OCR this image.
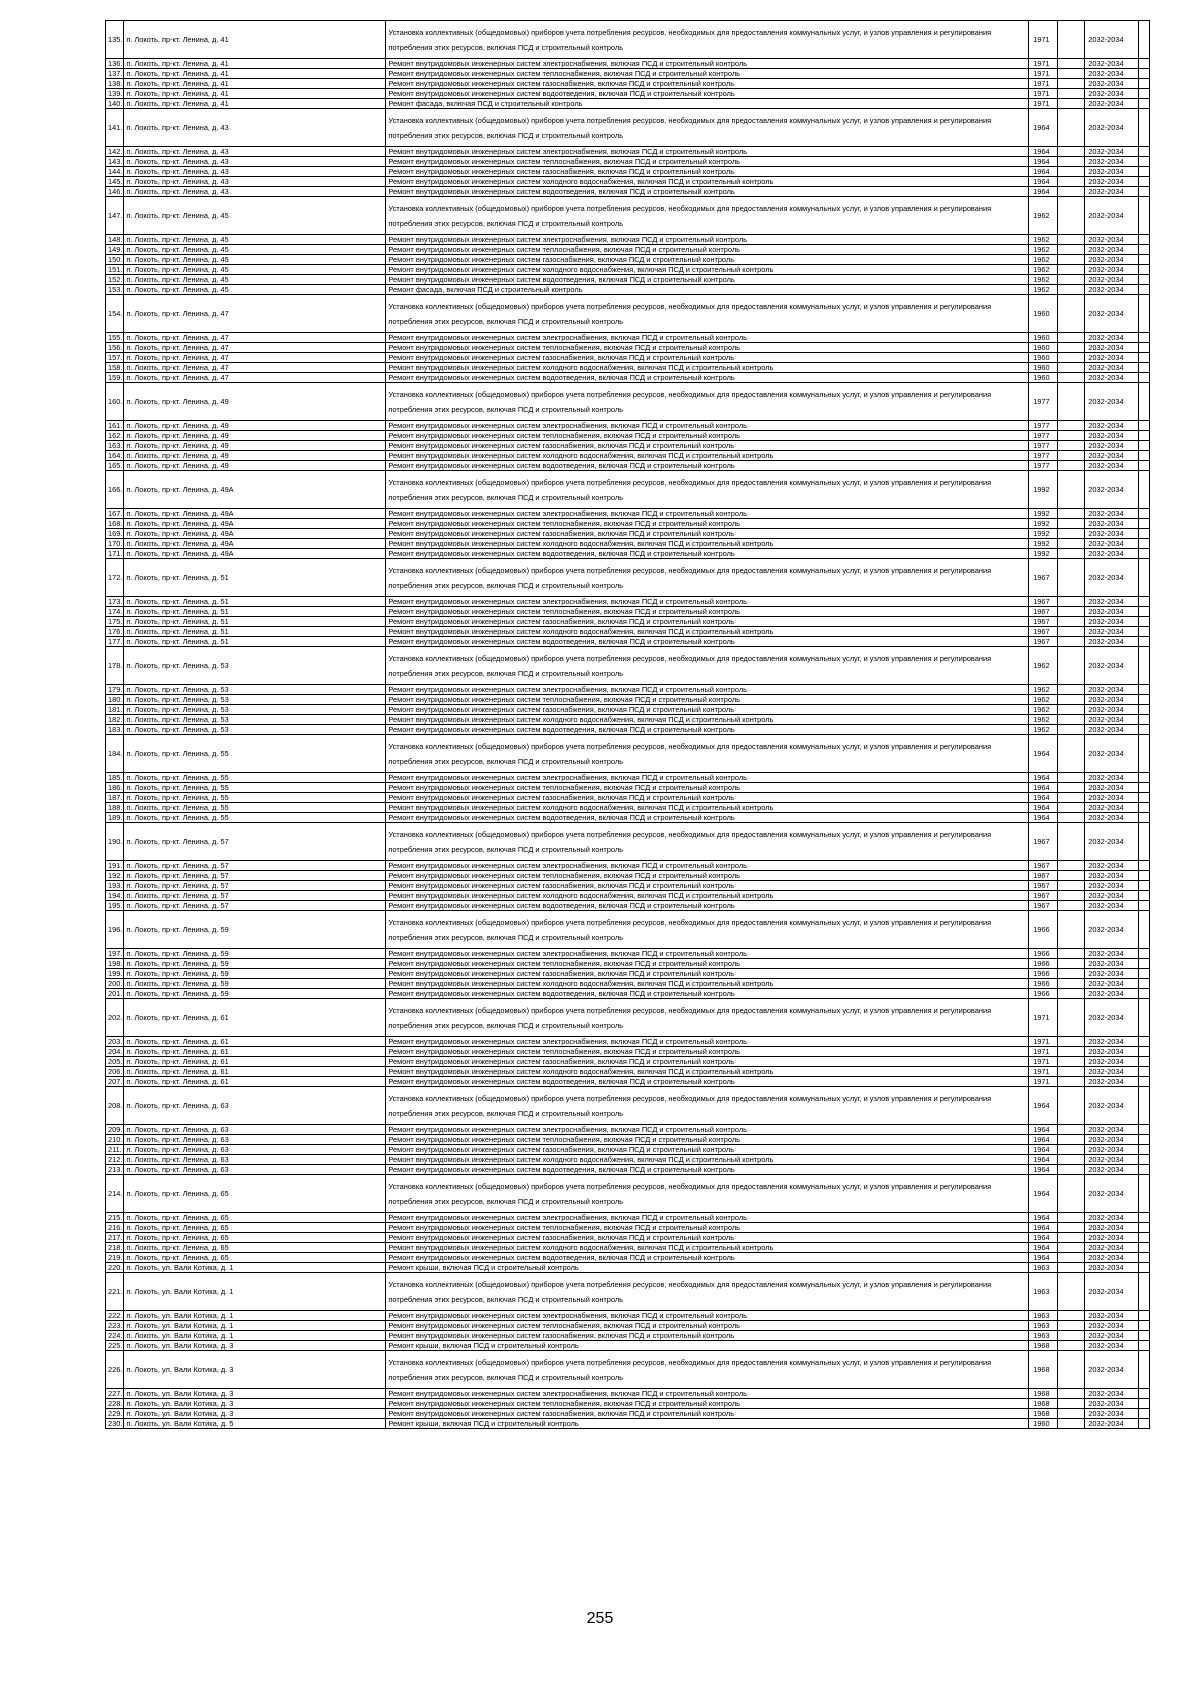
135.	п. Локоть, пр-кт. Ленина, д. 41	Установка коллективных (общедомовых) приборов учета потребления ресурсов, необходимых для предоставления коммунальных услуг, и узлов управления и регулирования потребления этих ресурсов, включая ПСД и строительный контроль	1971		2032-2034	
136.	п. Локоть, пр-кт. Ленина, д. 41	Ремонт внутридомовых инженерных систем электроснабжения, включая ПСД и строительный контроль	1971		2032-2034	
137.	п. Локоть, пр-кт. Ленина, д. 41	Ремонт внутридомовых инженерных систем теплоснабжения, включая ПСД и строительный контроль	1971		2032-2034	
138.	п. Локоть, пр-кт. Ленина, д. 41	Ремонт внутридомовых инженерных систем газоснабжения, включая ПСД и строительный контроль	1971		2032-2034	
139.	п. Локоть, пр-кт. Ленина, д. 41	Ремонт внутридомовых инженерных систем водоотведения, включая ПСД и строительный контроль	1971		2032-2034	
140.	п. Локоть, пр-кт. Ленина, д. 41	Ремонт фасада, включая ПСД и строительный контроль	1971		2032-2034	
141.	п. Локоть, пр-кт. Ленина, д. 43	Установка коллективных (общедомовых) приборов учета потребления ресурсов, необходимых для предоставления коммунальных услуг, и узлов управления и регулирования потребления этих ресурсов, включая ПСД и строительный контроль	1964		2032-2034	
142.	п. Локоть, пр-кт. Ленина, д. 43	Ремонт внутридомовых инженерных систем электроснабжения, включая ПСД и строительный контроль	1964		2032-2034	
143.	п. Локоть, пр-кт. Ленина, д. 43	Ремонт внутридомовых инженерных систем теплоснабжения, включая ПСД и строительный контроль	1964		2032-2034	
144.	п. Локоть, пр-кт. Ленина, д. 43	Ремонт внутридомовых инженерных систем газоснабжения, включая ПСД и строительный контроль	1964		2032-2034	
145.	п. Локоть, пр-кт. Ленина, д. 43	Ремонт внутридомовых инженерных систем холодного водоснабжения, включая ПСД и строительный контроль	1964		2032-2034	
146.	п. Локоть, пр-кт. Ленина, д. 43	Ремонт внутридомовых инженерных систем водоотведения, включая ПСД и строительный контроль	1964		2032-2034	
147.	п. Локоть, пр-кт. Ленина, д. 45	Установка коллективных (общедомовых) приборов учета потребления ресурсов, необходимых для предоставления коммунальных услуг, и узлов управления и регулирования потребления этих ресурсов, включая ПСД и строительный контроль	1962		2032-2034	
148.	п. Локоть, пр-кт. Ленина, д. 45	Ремонт внутридомовых инженерных систем электроснабжения, включая ПСД и строительный контроль	1962		2032-2034	
149.	п. Локоть, пр-кт. Ленина, д. 45	Ремонт внутридомовых инженерных систем теплоснабжения, включая ПСД и строительный контроль	1962		2032-2034	
150.	п. Локоть, пр-кт. Ленина, д. 45	Ремонт внутридомовых инженерных систем газоснабжения, включая ПСД и строительный контроль	1962		2032-2034	
151.	п. Локоть, пр-кт. Ленина, д. 45	Ремонт внутридомовых инженерных систем холодного водоснабжения, включая ПСД и строительный контроль	1962		2032-2034	
152.	п. Локоть, пр-кт. Ленина, д. 45	Ремонт внутридомовых инженерных систем водоотведения, включая ПСД и строительный контроль	1962		2032-2034	
153.	п. Локоть, пр-кт. Ленина, д. 45	Ремонт фасада, включая ПСД и строительный контроль	1962		2032-2034	
154.	п. Локоть, пр-кт. Ленина, д. 47	Установка коллективных (общедомовых) приборов учета потребления ресурсов, необходимых для предоставления коммунальных услуг, и узлов управления и регулирования потребления этих ресурсов, включая ПСД и строительный контроль	1960		2032-2034	
155.	п. Локоть, пр-кт. Ленина, д. 47	Ремонт внутридомовых инженерных систем электроснабжения, включая ПСД и строительный контроль	1960		2032-2034	
156.	п. Локоть, пр-кт. Ленина, д. 47	Ремонт внутридомовых инженерных систем теплоснабжения, включая ПСД и строительный контроль	1960		2032-2034	
157.	п. Локоть, пр-кт. Ленина, д. 47	Ремонт внутридомовых инженерных систем газоснабжения, включая ПСД и строительный контроль	1960		2032-2034	
158.	п. Локоть, пр-кт. Ленина, д. 47	Ремонт внутридомовых инженерных систем холодного водоснабжения, включая ПСД и строительный контроль	1960		2032-2034	
159.	п. Локоть, пр-кт. Ленина, д. 47	Ремонт внутридомовых инженерных систем водоотведения, включая ПСД и строительный контроль	1960		2032-2034	
160.	п. Локоть, пр-кт. Ленина, д. 49	Установка коллективных (общедомовых) приборов учета потребления ресурсов, необходимых для предоставления коммунальных услуг, и узлов управления и регулирования потребления этих ресурсов, включая ПСД и строительный контроль	1977		2032-2034	
161.	п. Локоть, пр-кт. Ленина, д. 49	Ремонт внутридомовых инженерных систем электроснабжения, включая ПСД и строительный контроль	1977		2032-2034	
162.	п. Локоть, пр-кт. Ленина, д. 49	Ремонт внутридомовых инженерных систем теплоснабжения, включая ПСД и строительный контроль	1977		2032-2034	
163.	п. Локоть, пр-кт. Ленина, д. 49	Ремонт внутридомовых инженерных систем газоснабжения, включая ПСД и строительный контроль	1977		2032-2034	
164.	п. Локоть, пр-кт. Ленина, д. 49	Ремонт внутридомовых инженерных систем холодного водоснабжения, включая ПСД и строительный контроль	1977		2032-2034	
165.	п. Локоть, пр-кт. Ленина, д. 49	Ремонт внутридомовых инженерных систем водоотведения, включая ПСД и строительный контроль	1977		2032-2034	
166.	п. Локоть, пр-кт. Ленина, д. 49А	Установка коллективных (общедомовых) приборов учета потребления ресурсов, необходимых для предоставления коммунальных услуг, и узлов управления и регулирования потребления этих ресурсов, включая ПСД и строительный контроль	1992		2032-2034	
167.	п. Локоть, пр-кт. Ленина, д. 49А	Ремонт внутридомовых инженерных систем электроснабжения, включая ПСД и строительный контроль	1992		2032-2034	
168.	п. Локоть, пр-кт. Ленина, д. 49А	Ремонт внутридомовых инженерных систем теплоснабжения, включая ПСД и строительный контроль	1992		2032-2034	
169.	п. Локоть, пр-кт. Ленина, д. 49А	Ремонт внутридомовых инженерных систем газоснабжения, включая ПСД и строительный контроль	1992		2032-2034	
170.	п. Локоть, пр-кт. Ленина, д. 49А	Ремонт внутридомовых инженерных систем холодного водоснабжения, включая ПСД и строительный контроль	1992		2032-2034	
171.	п. Локоть, пр-кт. Ленина, д. 49А	Ремонт внутридомовых инженерных систем водоотведения, включая ПСД и строительный контроль	1992		2032-2034	
172.	п. Локоть, пр-кт. Ленина, д. 51	Установка коллективных (общедомовых) приборов учета потребления ресурсов, необходимых для предоставления коммунальных услуг, и узлов управления и регулирования потребления этих ресурсов, включая ПСД и строительный контроль	1967		2032-2034	
173.	п. Локоть, пр-кт. Ленина, д. 51	Ремонт внутридомовых инженерных систем электроснабжения, включая ПСД и строительный контроль	1967		2032-2034	
174.	п. Локоть, пр-кт. Ленина, д. 51	Ремонт внутридомовых инженерных систем теплоснабжения, включая ПСД и строительный контроль	1967		2032-2034	
175.	п. Локоть, пр-кт. Ленина, д. 51	Ремонт внутридомовых инженерных систем газоснабжения, включая ПСД и строительный контроль	1967		2032-2034	
176.	п. Локоть, пр-кт. Ленина, д. 51	Ремонт внутридомовых инженерных систем холодного водоснабжения, включая ПСД и строительный контроль	1967		2032-2034	
177.	п. Локоть, пр-кт. Ленина, д. 51	Ремонт внутридомовых инженерных систем водоотведения, включая ПСД и строительный контроль	1967		2032-2034	
178.	п. Локоть, пр-кт. Ленина, д. 53	Установка коллективных (общедомовых) приборов учета потребления ресурсов, необходимых для предоставления коммунальных услуг, и узлов управления и регулирования потребления этих ресурсов, включая ПСД и строительный контроль	1962		2032-2034	
179.	п. Локоть, пр-кт. Ленина, д. 53	Ремонт внутридомовых инженерных систем электроснабжения, включая ПСД и строительный контроль	1962		2032-2034	
180.	п. Локоть, пр-кт. Ленина, д. 53	Ремонт внутридомовых инженерных систем теплоснабжения, включая ПСД и строительный контроль	1962		2032-2034	
181.	п. Локоть, пр-кт. Ленина, д. 53	Ремонт внутридомовых инженерных систем газоснабжения, включая ПСД и строительный контроль	1962		2032-2034	
182.	п. Локоть, пр-кт. Ленина, д. 53	Ремонт внутридомовых инженерных систем холодного водоснабжения, включая ПСД и строительный контроль	1962		2032-2034	
183.	п. Локоть, пр-кт. Ленина, д. 53	Ремонт внутридомовых инженерных систем водоотведения, включая ПСД и строительный контроль	1962		2032-2034	
184.	п. Локоть, пр-кт. Ленина, д. 55	Установка коллективных (общедомовых) приборов учета потребления ресурсов, необходимых для предоставления коммунальных услуг, и узлов управления и регулирования потребления этих ресурсов, включая ПСД и строительный контроль	1964		2032-2034	
185.	п. Локоть, пр-кт. Ленина, д. 55	Ремонт внутридомовых инженерных систем электроснабжения, включая ПСД и строительный контроль	1964		2032-2034	
186.	п. Локоть, пр-кт. Ленина, д. 55	Ремонт внутридомовых инженерных систем теплоснабжения, включая ПСД и строительный контроль	1964		2032-2034	
187.	п. Локоть, пр-кт. Ленина, д. 55	Ремонт внутридомовых инженерных систем газоснабжения, включая ПСД и строительный контроль	1964		2032-2034	
188.	п. Локоть, пр-кт. Ленина, д. 55	Ремонт внутридомовых инженерных систем холодного водоснабжения, включая ПСД и строительный контроль	1964		2032-2034	
189.	п. Локоть, пр-кт. Ленина, д. 55	Ремонт внутридомовых инженерных систем водоотведения, включая ПСД и строительный контроль	1964		2032-2034	
190.	п. Локоть, пр-кт. Ленина, д. 57	Установка коллективных (общедомовых) приборов учета потребления ресурсов, необходимых для предоставления коммунальных услуг, и узлов управления и регулирования потребления этих ресурсов, включая ПСД и строительный контроль	1967		2032-2034	
191.	п. Локоть, пр-кт. Ленина, д. 57	Ремонт внутридомовых инженерных систем электроснабжения, включая ПСД и строительный контроль	1967		2032-2034	
192.	п. Локоть, пр-кт. Ленина, д. 57	Ремонт внутридомовых инженерных систем теплоснабжения, включая ПСД и строительный контроль	1967		2032-2034	
193.	п. Локоть, пр-кт. Ленина, д. 57	Ремонт внутридомовых инженерных систем газоснабжения, включая ПСД и строительный контроль	1967		2032-2034	
194.	п. Локоть, пр-кт. Ленина, д. 57	Ремонт внутридомовых инженерных систем холодного водоснабжения, включая ПСД и строительный контроль	1967		2032-2034	
195.	п. Локоть, пр-кт. Ленина, д. 57	Ремонт внутридомовых инженерных систем водоотведения, включая ПСД и строительный контроль	1967		2032-2034	
196.	п. Локоть, пр-кт. Ленина, д. 59	Установка коллективных (общедомовых) приборов учета потребления ресурсов, необходимых для предоставления коммунальных услуг, и узлов управления и регулирования потребления этих ресурсов, включая ПСД и строительный контроль	1966		2032-2034	
197.	п. Локоть, пр-кт. Ленина, д. 59	Ремонт внутридомовых инженерных систем электроснабжения, включая ПСД и строительный контроль	1966		2032-2034	
198.	п. Локоть, пр-кт. Ленина, д. 59	Ремонт внутридомовых инженерных систем теплоснабжения, включая ПСД и строительный контроль	1966		2032-2034	
199.	п. Локоть, пр-кт. Ленина, д. 59	Ремонт внутридомовых инженерных систем газоснабжения, включая ПСД и строительный контроль	1966		2032-2034	
200.	п. Локоть, пр-кт. Ленина, д. 59	Ремонт внутридомовых инженерных систем холодного водоснабжения, включая ПСД и строительный контроль	1966		2032-2034	
201.	п. Локоть, пр-кт. Ленина, д. 59	Ремонт внутридомовых инженерных систем водоотведения, включая ПСД и строительный контроль	1966		2032-2034	
202.	п. Локоть, пр-кт. Ленина, д. 61	Установка коллективных (общедомовых) приборов учета потребления ресурсов, необходимых для предоставления коммунальных услуг, и узлов управления и регулирования потребления этих ресурсов, включая ПСД и строительный контроль	1971		2032-2034	
203.	п. Локоть, пр-кт. Ленина, д. 61	Ремонт внутридомовых инженерных систем электроснабжения, включая ПСД и строительный контроль	1971		2032-2034	
204.	п. Локоть, пр-кт. Ленина, д. 61	Ремонт внутридомовых инженерных систем теплоснабжения, включая ПСД и строительный контроль	1971		2032-2034	
205.	п. Локоть, пр-кт. Ленина, д. 61	Ремонт внутридомовых инженерных систем газоснабжения, включая ПСД и строительный контроль	1971		2032-2034	
206.	п. Локоть, пр-кт. Ленина, д. 61	Ремонт внутридомовых инженерных систем холодного водоснабжения, включая ПСД и строительный контроль	1971		2032-2034	
207.	п. Локоть, пр-кт. Ленина, д. 61	Ремонт внутридомовых инженерных систем водоотведения, включая ПСД и строительный контроль	1971		2032-2034	
208.	п. Локоть, пр-кт. Ленина, д. 63	Установка коллективных (общедомовых) приборов учета потребления ресурсов, необходимых для предоставления коммунальных услуг, и узлов управления и регулирования потребления этих ресурсов, включая ПСД и строительный контроль	1964		2032-2034	
209.	п. Локоть, пр-кт. Ленина, д. 63	Ремонт внутридомовых инженерных систем электроснабжения, включая ПСД и строительный контроль	1964		2032-2034	
210.	п. Локоть, пр-кт. Ленина, д. 63	Ремонт внутридомовых инженерных систем теплоснабжения, включая ПСД и строительный контроль	1964		2032-2034	
211.	п. Локоть, пр-кт. Ленина, д. 63	Ремонт внутридомовых инженерных систем газоснабжения, включая ПСД и строительный контроль	1964		2032-2034	
212.	п. Локоть, пр-кт. Ленина, д. 63	Ремонт внутридомовых инженерных систем холодного водоснабжения, включая ПСД и строительный контроль	1964		2032-2034	
213.	п. Локоть, пр-кт. Ленина, д. 63	Ремонт внутридомовых инженерных систем водоотведения, включая ПСД и строительный контроль	1964		2032-2034	
214.	п. Локоть, пр-кт. Ленина, д. 65	Установка коллективных (общедомовых) приборов учета потребления ресурсов, необходимых для предоставления коммунальных услуг, и узлов управления и регулирования потребления этих ресурсов, включая ПСД и строительный контроль	1964		2032-2034	
215.	п. Локоть, пр-кт. Ленина, д. 65	Ремонт внутридомовых инженерных систем электроснабжения, включая ПСД и строительный контроль	1964		2032-2034	
216.	п. Локоть, пр-кт. Ленина, д. 65	Ремонт внутридомовых инженерных систем теплоснабжения, включая ПСД и строительный контроль	1964		2032-2034	
217.	п. Локоть, пр-кт. Ленина, д. 65	Ремонт внутридомовых инженерных систем газоснабжения, включая ПСД и строительный контроль	1964		2032-2034	
218.	п. Локоть, пр-кт. Ленина, д. 65	Ремонт внутридомовых инженерных систем холодного водоснабжения, включая ПСД и строительный контроль	1964		2032-2034	
219.	п. Локоть, пр-кт. Ленина, д. 65	Ремонт внутридомовых инженерных систем водоотведения, включая ПСД и строительный контроль	1964		2032-2034	
220.	п. Локоть, ул. Вали Котика, д. 1	Ремонт крыши, включая ПСД и строительный контроль	1963		2032-2034	
221.	п. Локоть, ул. Вали Котика, д. 1	Установка коллективных (общедомовых) приборов учета потребления ресурсов, необходимых для предоставления коммунальных услуг, и узлов управления и регулирования потребления этих ресурсов, включая ПСД и строительный контроль	1963		2032-2034	
222.	п. Локоть, ул. Вали Котика, д. 1	Ремонт внутридомовых инженерных систем электроснабжения, включая ПСД и строительный контроль	1963		2032-2034	
223.	п. Локоть, ул. Вали Котика, д. 1	Ремонт внутридомовых инженерных систем теплоснабжения, включая ПСД и строительный контроль	1963		2032-2034	
224.	п. Локоть, ул. Вали Котика, д. 1	Ремонт внутридомовых инженерных систем газоснабжения, включая ПСД и строительный контроль	1963		2032-2034	
225.	п. Локоть, ул. Вали Котика, д. 3	Ремонт крыши, включая ПСД и строительный контроль	1968		2032-2034	
226.	п. Локоть, ул. Вали Котика, д. 3	Установка коллективных (общедомовых) приборов учета потребления ресурсов, необходимых для предоставления коммунальных услуг, и узлов управления и регулирования потребления этих ресурсов, включая ПСД и строительный контроль	1968		2032-2034	
227.	п. Локоть, ул. Вали Котика, д. 3	Ремонт внутридомовых инженерных систем электроснабжения, включая ПСД и строительный контроль	1968		2032-2034	
228.	п. Локоть, ул. Вали Котика, д. 3	Ремонт внутридомовых инженерных систем теплоснабжения, включая ПСД и строительный контроль	1968		2032-2034	
229.	п. Локоть, ул. Вали Котика, д. 3	Ремонт внутридомовых инженерных систем газоснабжения, включая ПСД и строительный контроль	1968		2032-2034	
230.	п. Локоть, ул. Вали Котика, д. 5	Ремонт крыши, включая ПСД и строительный контроль	1960		2032-2034	
255
